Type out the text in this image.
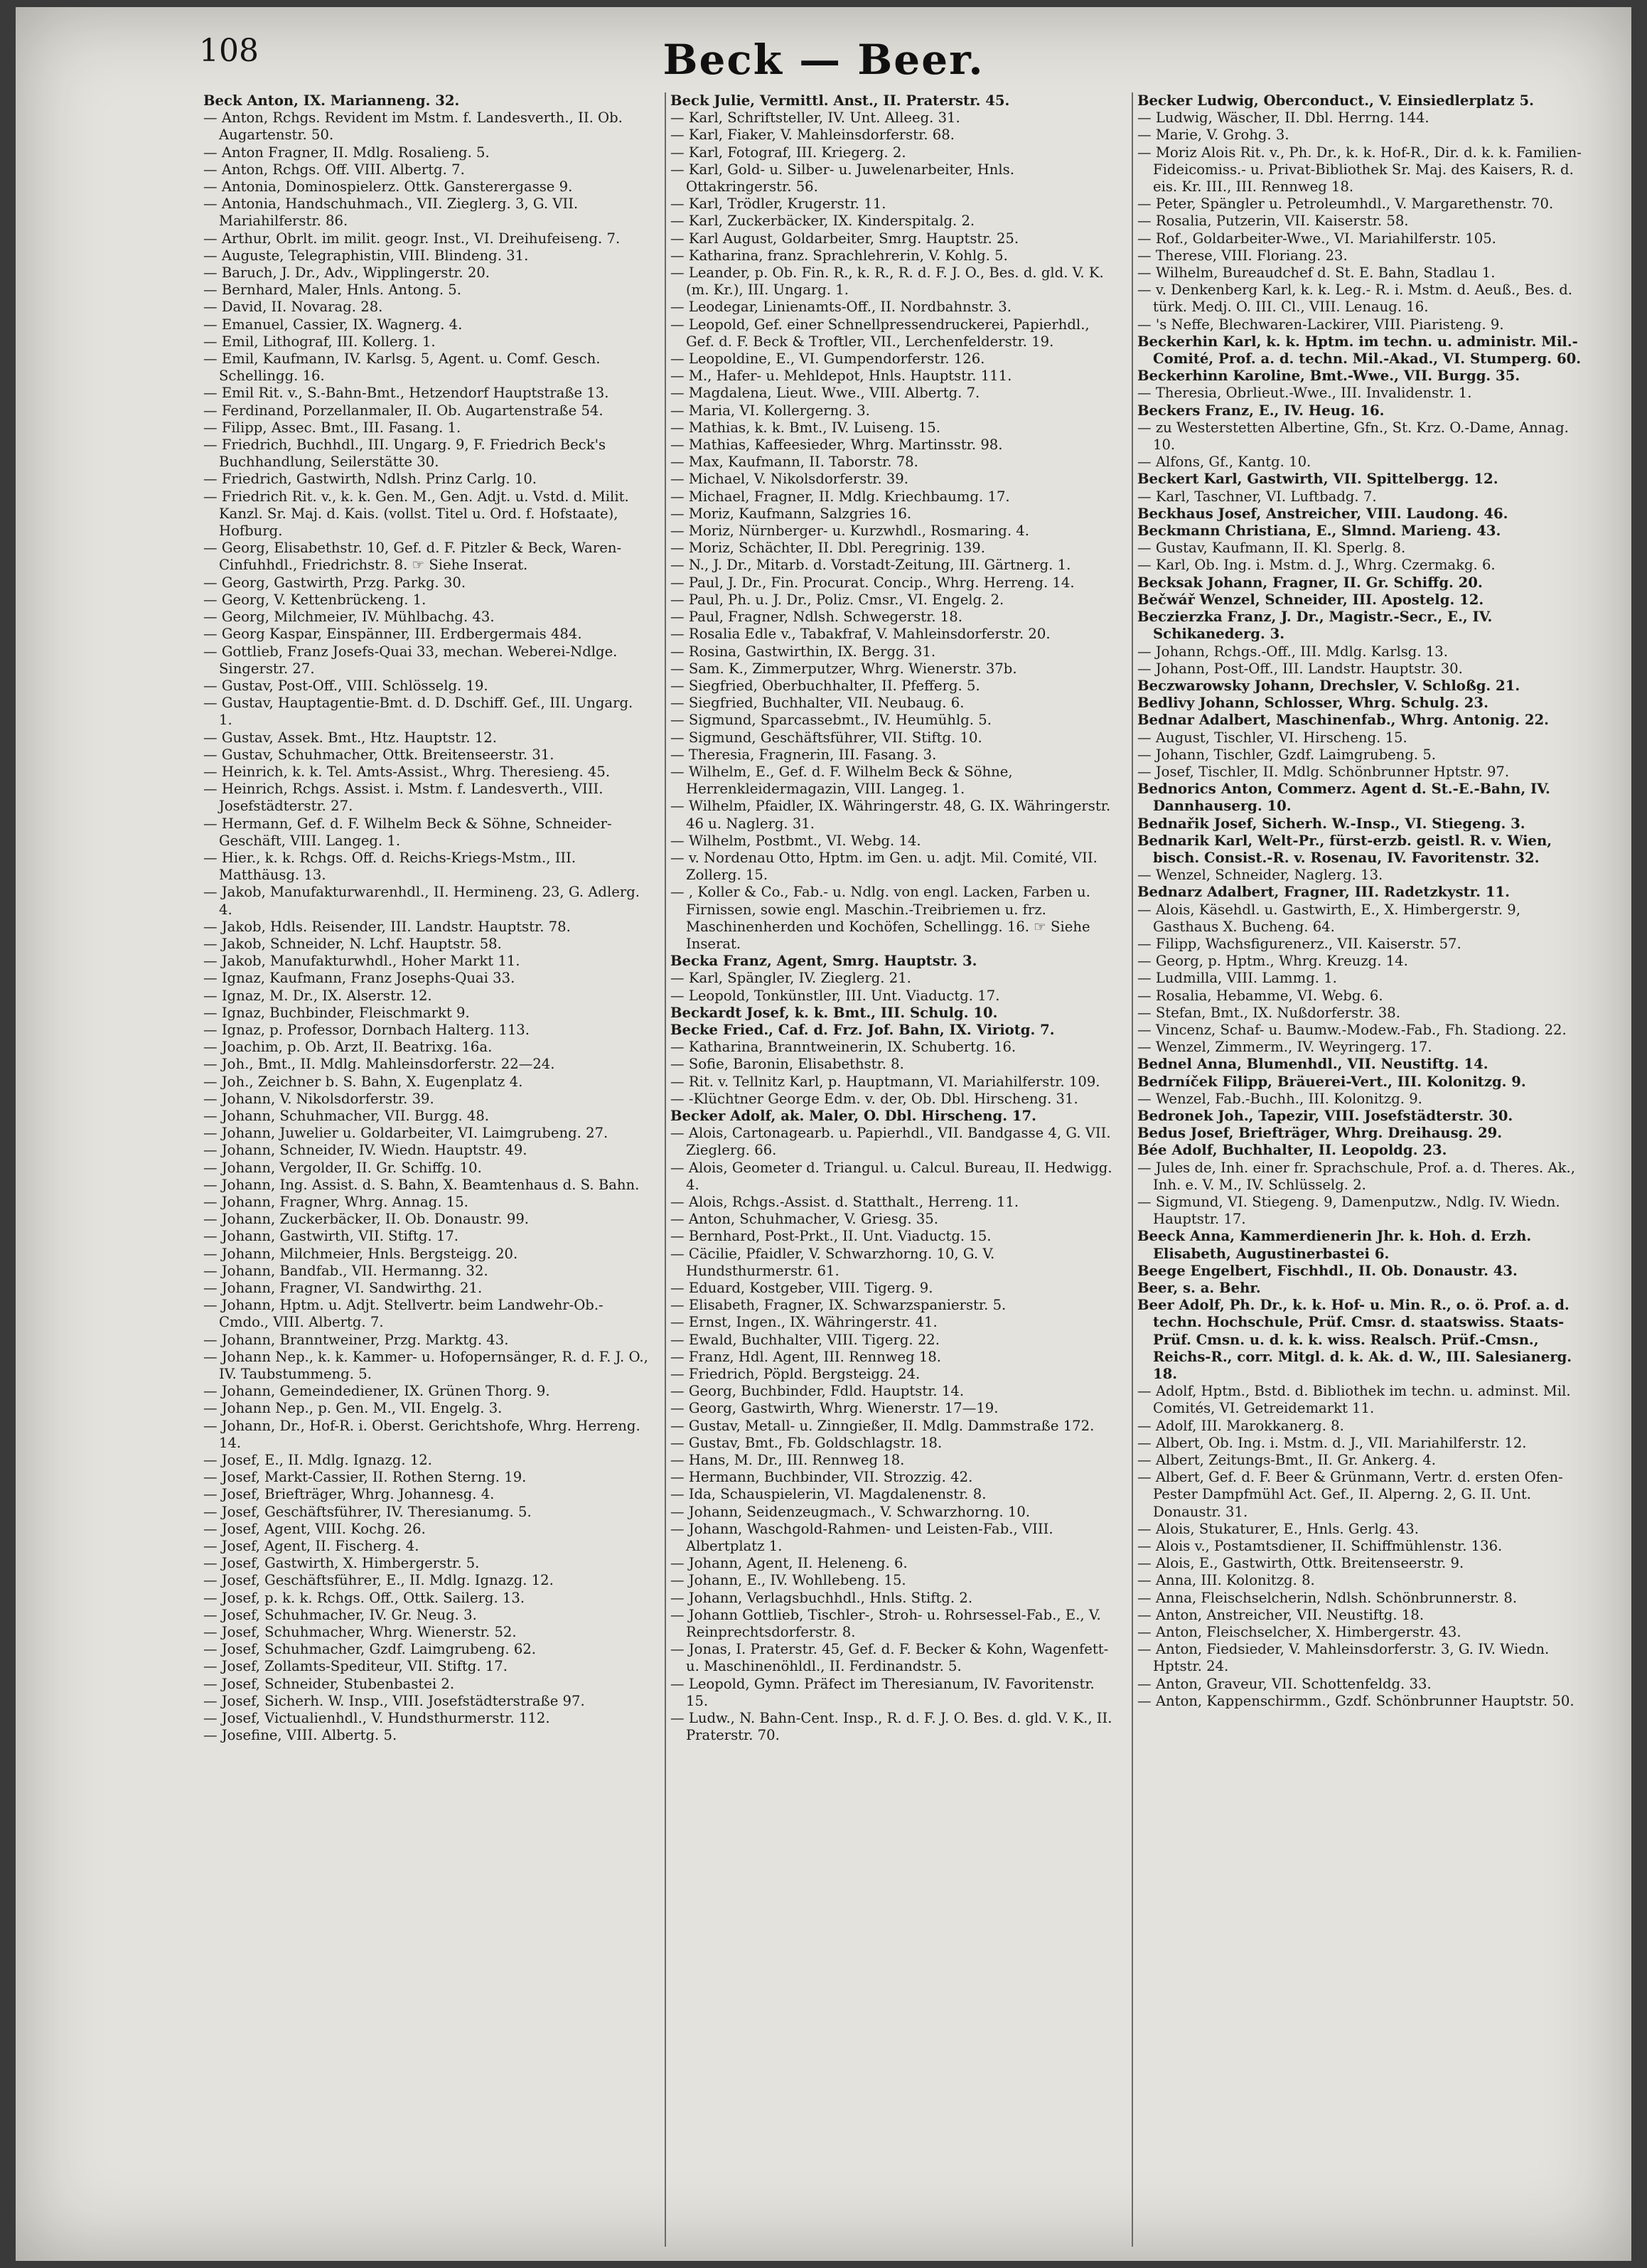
108	Beck — Beer.
Beck Anton, IX. Marianneng. 32.
— Anton, Rchgs. Revident im Mstm. f. Landesverth., II. Ob. Augartenstr. 50.
— Anton Fragner, II. Mdlg. Rosalieng. 5.
— Anton, Rchgs. Off. VIII. Albertg. 7.
— Antonia, Dominospielerz. Ottk. Gansterergasse 9.
— Antonia, Handschuhmach., VII. Zieglerg. 3, G. VII. Mariahilferstr. 86.
— Arthur, Obrlt. im milit. geogr. Inst., VI. Dreihufeiseng. 7.
— Auguste, Telegraphistin, VIII. Blindeng. 31.
— Baruch, J. Dr., Adv., Wipplingerstr. 20.
— Bernhard, Maler, Hnls. Antong. 5.
— David, II. Novarag. 28.
— Emanuel, Cassier, IX. Wagnerg. 4.
— Emil, Lithograf, III. Kollerg. 1.
— Emil, Kaufmann, IV. Karlsg. 5, Agent. u. Comf. Gesch. Schellingg. 16.
— Emil Rit. v., S.-Bahn-Bmt., Hetzendorf Hauptstraße 13.
— Ferdinand, Porzellanmaler, II. Ob. Augartenstraße 54.
— Filipp, Assec. Bmt., III. Fasang. 1.
— Friedrich, Buchhdl., III. Ungarg. 9, F. Friedrich Beck's Buchhandlung, Seilerstätte 30.
— Friedrich, Gastwirth, Ndlsh. Prinz Carlg. 10.
— Friedrich Rit. v., k. k. Gen. M., Gen. Adjt. u. Vstd. d. Milit. Kanzl. Sr. Maj. d. Kais. (vollst. Titel u. Ord. f. Hofstaate), Hofburg.
— Georg, Elisabethstr. 10, Gef. d. F. Pitzler & Beck, Waren-Cinfuhhdl., Friedrichstr. 8. ☞ Siehe Inserat.
— Georg, Gastwirth, Przg. Parkg. 30.
— Georg, V. Kettenbrückeng. 1.
— Georg, Milchmeier, IV. Mühlbachg. 43.
— Georg Kaspar, Einspänner, III. Erdbergermais 484.
— Gottlieb, Franz Josefs-Quai 33, mechan. Weberei-Ndlge. Singerstr. 27.
— Gustav, Post-Off., VIII. Schlösselg. 19.
— Gustav, Hauptagentie-Bmt. d. D. Dschiff. Gef., III. Ungarg. 1.
— Gustav, Assek. Bmt., Htz. Hauptstr. 12.
— Gustav, Schuhmacher, Ottk. Breitenseerstr. 31.
— Heinrich, k. k. Tel. Amts-Assist., Whrg. Theresieng. 45.
— Heinrich, Rchgs. Assist. i. Mstm. f. Landesverth., VIII. Josefstädterstr. 27.
— Hermann, Gef. d. F. Wilhelm Beck & Söhne, Schneider-Geschäft, VIII. Langeg. 1.
— Hier., k. k. Rchgs. Off. d. Reichs-Kriegs-Mstm., III. Matthäusg. 13.
— Jakob, Manufakturwarenhdl., II. Hermineng. 23, G. Adlerg. 4.
— Jakob, Hdls. Reisender, III. Landstr. Hauptstr. 78.
— Jakob, Schneider, N. Lchf. Hauptstr. 58.
— Jakob, Manufakturwhdl., Hoher Markt 11.
— Ignaz, Kaufmann, Franz Josephs-Quai 33.
— Ignaz, M. Dr., IX. Alserstr. 12.
— Ignaz, Buchbinder, Fleischmarkt 9.
— Ignaz, p. Professor, Dornbach Halterg. 113.
— Joachim, p. Ob. Arzt, II. Beatrixg. 16a.
— Joh., Bmt., II. Mdlg. Mahleinsdorferstr. 22—24.
— Joh., Zeichner b. S. Bahn, X. Eugenplatz 4.
— Johann, V. Nikolsdorferstr. 39.
— Johann, Schuhmacher, VII. Burgg. 48.
— Johann, Juwelier u. Goldarbeiter, VI. Laimgrubeng. 27.
— Johann, Schneider, IV. Wiedn. Hauptstr. 49.
— Johann, Vergolder, II. Gr. Schiffg. 10.
— Johann, Ing. Assist. d. S. Bahn, X. Beamtenhaus d. S. Bahn.
— Johann, Fragner, Whrg. Annag. 15.
— Johann, Zuckerbäcker, II. Ob. Donaustr. 99.
— Johann, Gastwirth, VII. Stiftg. 17.
— Johann, Milchmeier, Hnls. Bergsteigg. 20.
— Johann, Bandfab., VII. Hermanng. 32.
— Johann, Fragner, VI. Sandwirthg. 21.
— Johann, Hptm. u. Adjt. Stellvertr. beim Landwehr-Ob.-Cmdo., VIII. Albertg. 7.
— Johann, Branntweiner, Przg. Marktg. 43.
— Johann Nep., k. k. Kammer- u. Hofopernsänger, R. d. F. J. O., IV. Taubstummeng. 5.
— Johann, Gemeindediener, IX. Grünen Thorg. 9.
— Johann Nep., p. Gen. M., VII. Engelg. 3.
— Johann, Dr., Hof-R. i. Oberst. Gerichtshofe, Whrg. Herreng. 14.
— Josef, E., II. Mdlg. Ignazg. 12.
— Josef, Markt-Cassier, II. Rothen Sterng. 19.
— Josef, Briefträger, Whrg. Johannesg. 4.
— Josef, Geschäftsführer, IV. Theresianumg. 5.
— Josef, Agent, VIII. Kochg. 26.
— Josef, Agent, II. Fischerg. 4.
— Josef, Gastwirth, X. Himbergerstr. 5.
— Josef, Geschäftsführer, E., II. Mdlg. Ignazg. 12.
— Josef, p. k. k. Rchgs. Off., Ottk. Sailerg. 13.
— Josef, Schuhmacher, IV. Gr. Neug. 3.
— Josef, Schuhmacher, Whrg. Wienerstr. 52.
— Josef, Schuhmacher, Gzdf. Laimgrubeng. 62.
— Josef, Zollamts-Spediteur, VII. Stiftg. 17.
— Josef, Schneider, Stubenbastei 2.
— Josef, Sicherh. W. Insp., VIII. Josefstädterstraße 97.
— Josef, Victualienhdl., V. Hundsthurmerstr. 112.
— Josefine, VIII. Albertg. 5.
Beck Julie, Vermittl. Anst., II. Praterstr. 45.
— Karl, Schriftsteller, IV. Unt. Alleeg. 31.
— Karl, Fiaker, V. Mahleinsdorferstr. 68.
— Karl, Fotograf, III. Kriegerg. 2.
— Karl, Gold- u. Silber- u. Juwelenarbeiter, Hnls. Ottakringerstr. 56.
— Karl, Trödler, Krugerstr. 11.
— Karl, Zuckerbäcker, IX. Kinderspitalg. 2.
— Karl August, Goldarbeiter, Smrg. Hauptstr. 25.
— Katharina, franz. Sprachlehrerin, V. Kohlg. 5.
— Leander, p. Ob. Fin. R., k. R., R. d. F. J. O., Bes. d. gld. V. K. (m. Kr.), III. Ungarg. 1.
— Leodegar, Linienamts-Off., II. Nordbahnstr. 3.
— Leopold, Gef. einer Schnellpressendruckerei, Papierhdl., Gef. d. F. Beck & Troftler, VII., Lerchenfelderstr. 19.
— Leopoldine, E., VI. Gumpendorferstr. 126.
— M., Hafer- u. Mehldepot, Hnls. Hauptstr. 111.
— Magdalena, Lieut. Wwe., VIII. Albertg. 7.
— Maria, VI. Kollergerng. 3.
— Mathias, k. k. Bmt., IV. Luiseng. 15.
— Mathias, Kaffeesieder, Whrg. Martinsstr. 98.
— Max, Kaufmann, II. Taborstr. 78.
— Michael, V. Nikolsdorferstr. 39.
— Michael, Fragner, II. Mdlg. Kriechbaumg. 17.
— Moriz, Kaufmann, Salzgries 16.
— Moriz, Nürnberger- u. Kurzwhdl., Rosmaring. 4.
— Moriz, Schächter, II. Dbl. Peregrinig. 139.
— N., J. Dr., Mitarb. d. Vorstadt-Zeitung, III. Gärtnerg. 1.
— Paul, J. Dr., Fin. Procurat. Concip., Whrg. Herreng. 14.
— Paul, Ph. u. J. Dr., Poliz. Cmsr., VI. Engelg. 2.
— Paul, Fragner, Ndlsh. Schwegerstr. 18.
— Rosalia Edle v., Tabakfraf, V. Mahleinsdorferstr. 20.
— Rosina, Gastwirthin, IX. Bergg. 31.
— Sam. K., Zimmerputzer, Whrg. Wienerstr. 37b.
— Siegfried, Oberbuchhalter, II. Pfefferg. 5.
— Siegfried, Buchhalter, VII. Neubaug. 6.
— Sigmund, Sparcassebmt., IV. Heumühlg. 5.
— Sigmund, Geschäftsführer, VII. Stiftg. 10.
— Theresia, Fragnerin, III. Fasang. 3.
— Wilhelm, E., Gef. d. F. Wilhelm Beck & Söhne, Herrenkleidermagazin, VIII. Langeg. 1.
— Wilhelm, Pfaidler, IX. Währingerstr. 48, G. IX. Währingerstr. 46 u. Naglerg. 31.
— Wilhelm, Postbmt., VI. Webg. 14.
— v. Nordenau Otto, Hptm. im Gen. u. adjt. Mil. Comité, VII. Zollerg. 15.
— , Koller & Co., Fab.- u. Ndlg. von engl. Lacken, Farben u. Firnissen, sowie engl. Maschin.-Treibriemen u. frz. Maschinenherden und Kochöfen, Schellingg. 16. ☞ Siehe Inserat.
Becka Franz, Agent, Smrg. Hauptstr. 3.
— Karl, Spängler, IV. Zieglerg. 21.
— Leopold, Tonkünstler, III. Unt. Viaductg. 17.
Beckardt Josef, k. k. Bmt., III. Schulg. 10.
Becke Fried., Caf. d. Frz. Jof. Bahn, IX. Viriotg. 7.
— Katharina, Branntweinerin, IX. Schubertg. 16.
— Sofie, Baronin, Elisabethstr. 8.
— Rit. v. Tellnitz Karl, p. Hauptmann, VI. Mariahilferstr. 109.
— -Klüchtner George Edm. v. der, Ob. Dbl. Hirscheng. 31.
Becker Adolf, ak. Maler, O. Dbl. Hirscheng. 17.
— Alois, Cartonagearb. u. Papierhdl., VII. Bandgasse 4, G. VII. Zieglerg. 66.
— Alois, Geometer d. Triangul. u. Calcul. Bureau, II. Hedwigg. 4.
— Alois, Rchgs.-Assist. d. Statthalt., Herreng. 11.
— Anton, Schuhmacher, V. Griesg. 35.
— Bernhard, Post-Prkt., II. Unt. Viaductg. 15.
— Cäcilie, Pfaidler, V. Schwarzhorng. 10, G. V. Hundsthurmerstr. 61.
— Eduard, Kostgeber, VIII. Tigerg. 9.
— Elisabeth, Fragner, IX. Schwarzspanierstr. 5.
— Ernst, Ingen., IX. Währingerstr. 41.
— Ewald, Buchhalter, VIII. Tigerg. 22.
— Franz, Hdl. Agent, III. Rennweg 18.
— Friedrich, Pöpld. Bergsteigg. 24.
— Georg, Buchbinder, Fdld. Hauptstr. 14.
— Georg, Gastwirth, Whrg. Wienerstr. 17—19.
— Gustav, Metall- u. Zinngießer, II. Mdlg. Dammstraße 172.
— Gustav, Bmt., Fb. Goldschlagstr. 18.
— Hans, M. Dr., III. Rennweg 18.
— Hermann, Buchbinder, VII. Strozzig. 42.
— Ida, Schauspielerin, VI. Magdalenenstr. 8.
— Johann, Seidenzeugmach., V. Schwarzhorng. 10.
— Johann, Waschgold-Rahmen- und Leisten-Fab., VIII. Albertplatz 1.
— Johann, Agent, II. Heleneng. 6.
— Johann, E., IV. Wohllebeng. 15.
— Johann, Verlagsbuchhdl., Hnls. Stiftg. 2.
— Johann Gottlieb, Tischler-, Stroh- u. Rohrsessel-Fab., E., V. Reinprechtsdorferstr. 8.
— Jonas, I. Praterstr. 45, Gef. d. F. Becker & Kohn, Wagenfett- u. Maschinenöhldl., II. Ferdinandstr. 5.
— Leopold, Gymn. Präfect im Theresianum, IV. Favoritenstr. 15.
— Ludw., N. Bahn-Cent. Insp., R. d. F. J. O. Bes. d. gld. V. K., II. Praterstr. 70.
Becker Ludwig, Oberconduct., V. Einsiedlerplatz 5.
— Ludwig, Wäscher, II. Dbl. Herrng. 144.
— Marie, V. Grohg. 3.
— Moriz Alois Rit. v., Ph. Dr., k. k. Hof-R., Dir. d. k. k. Familien-Fideicomiss.- u. Privat-Bibliothek Sr. Maj. des Kaisers, R. d. eis. Kr. III., III. Rennweg 18.
— Peter, Spängler u. Petroleumhdl., V. Margarethenstr. 70.
— Rosalia, Putzerin, VII. Kaiserstr. 58.
— Rof., Goldarbeiter-Wwe., VI. Mariahilferstr. 105.
— Therese, VIII. Floriang. 23.
— Wilhelm, Bureaudchef d. St. E. Bahn, Stadlau 1.
— v. Denkenberg Karl, k. k. Leg.- R. i. Mstm. d. Aeuß., Bes. d. türk. Medj. O. III. Cl., VIII. Lenaug. 16.
— 's Neffe, Blechwaren-Lackirer, VIII. Piaristeng. 9.
Beckerhin Karl, k. k. Hptm. im techn. u. administr. Mil.-Comité, Prof. a. d. techn. Mil.-Akad., VI. Stumperg. 60.
Beckerhinn Karoline, Bmt.-Wwe., VII. Burgg. 35.
— Theresia, Obrlieut.-Wwe., III. Invalidenstr. 1.
Beckers Franz, E., IV. Heug. 16.
— zu Westerstetten Albertine, Gfn., St. Krz. O.-Dame, Annag. 10.
— Alfons, Gf., Kantg. 10.
Beckert Karl, Gastwirth, VII. Spittelbergg. 12.
— Karl, Taschner, VI. Luftbadg. 7.
Beckhaus Josef, Anstreicher, VIII. Laudong. 46.
Beckmann Christiana, E., Slmnd. Marieng. 43.
— Gustav, Kaufmann, II. Kl. Sperlg. 8.
— Karl, Ob. Ing. i. Mstm. d. J., Whrg. Czermakg. 6.
Becksak Johann, Fragner, II. Gr. Schiffg. 20.
Bečwář Wenzel, Schneider, III. Apostelg. 12.
Beczierzka Franz, J. Dr., Magistr.-Secr., E., IV. Schikanederg. 3.
— Johann, Rchgs.-Off., III. Mdlg. Karlsg. 13.
— Johann, Post-Off., III. Landstr. Hauptstr. 30.
Beczwarowsky Johann, Drechsler, V. Schloßg. 21.
Bedlivy Johann, Schlosser, Whrg. Schulg. 23.
Bednar Adalbert, Maschinenfab., Whrg. Antonig. 22.
— August, Tischler, VI. Hirscheng. 15.
— Johann, Tischler, Gzdf. Laimgrubeng. 5.
— Josef, Tischler, II. Mdlg. Schönbrunner Hptstr. 97.
Bednorics Anton, Commerz. Agent d. St.-E.-Bahn, IV. Dannhauserg. 10.
Bednařik Josef, Sicherh. W.-Insp., VI. Stiegeng. 3.
Bednarik Karl, Welt-Pr., fürst-erzb. geistl. R. v. Wien, bisch. Consist.-R. v. Rosenau, IV. Favoritenstr. 32.
— Wenzel, Schneider, Naglerg. 13.
Bednarz Adalbert, Fragner, III. Radetzkystr. 11.
— Alois, Käsehdl. u. Gastwirth, E., X. Himbergerstr. 9, Gasthaus X. Bucheng. 64.
— Filipp, Wachsfigurenerz., VII. Kaiserstr. 57.
— Georg, p. Hptm., Whrg. Kreuzg. 14.
— Ludmilla, VIII. Lammg. 1.
— Rosalia, Hebamme, VI. Webg. 6.
— Stefan, Bmt., IX. Nußdorferstr. 38.
— Vincenz, Schaf- u. Baumw.-Modew.-Fab., Fh. Stadiong. 22.
— Wenzel, Zimmerm., IV. Weyringerg. 17.
Bednel Anna, Blumenhdl., VII. Neustiftg. 14.
Bedrníček Filipp, Bräuerei-Vert., III. Kolonitzg. 9.
— Wenzel, Fab.-Buchh., III. Kolonitzg. 9.
Bedronek Joh., Tapezir, VIII. Josefstädterstr. 30.
Bedus Josef, Briefträger, Whrg. Dreihausg. 29.
Bée Adolf, Buchhalter, II. Leopoldg. 23.
— Jules de, Inh. einer fr. Sprachschule, Prof. a. d. Theres. Ak., Inh. e. V. M., IV. Schlüsselg. 2.
— Sigmund, VI. Stiegeng. 9, Damenputzw., Ndlg. IV. Wiedn. Hauptstr. 17.
Beeck Anna, Kammerdienerin Jhr. k. Hoh. d. Erzh. Elisabeth, Augustinerbastei 6.
Beege Engelbert, Fischhdl., II. Ob. Donaustr. 43.
Beer, s. a. Behr.
Beer Adolf, Ph. Dr., k. k. Hof- u. Min. R., o. ö. Prof. a. d. techn. Hochschule, Prüf. Cmsr. d. staatswiss. Staats-Prüf. Cmsn. u. d. k. k. wiss. Realsch. Prüf.-Cmsn., Reichs-R., corr. Mitgl. d. k. Ak. d. W., III. Salesianerg. 18.
— Adolf, Hptm., Bstd. d. Bibliothek im techn. u. adminst. Mil. Comités, VI. Getreidemarkt 11.
— Adolf, III. Marokkanerg. 8.
— Albert, Ob. Ing. i. Mstm. d. J., VII. Mariahilferstr. 12.
— Albert, Zeitungs-Bmt., II. Gr. Ankerg. 4.
— Albert, Gef. d. F. Beer & Grünmann, Vertr. d. ersten Ofen-Pester Dampfmühl Act. Gef., II. Alperng. 2, G. II. Unt. Donaustr. 31.
— Alois, Stukaturer, E., Hnls. Gerlg. 43.
— Alois v., Postamtsdiener, II. Schiffmühlenstr. 136.
— Alois, E., Gastwirth, Ottk. Breitenseerstr. 9.
— Anna, III. Kolonitzg. 8.
— Anna, Fleischselcherin, Ndlsh. Schönbrunnerstr. 8.
— Anton, Anstreicher, VII. Neustiftg. 18.
— Anton, Fleischselcher, X. Himbergerstr. 43.
— Anton, Fiedsieder, V. Mahleinsdorferstr. 3, G. IV. Wiedn. Hptstr. 24.
— Anton, Graveur, VII. Schottenfeldg. 33.
— Anton, Kappenschirmm., Gzdf. Schönbrunner Hauptstr. 50.
